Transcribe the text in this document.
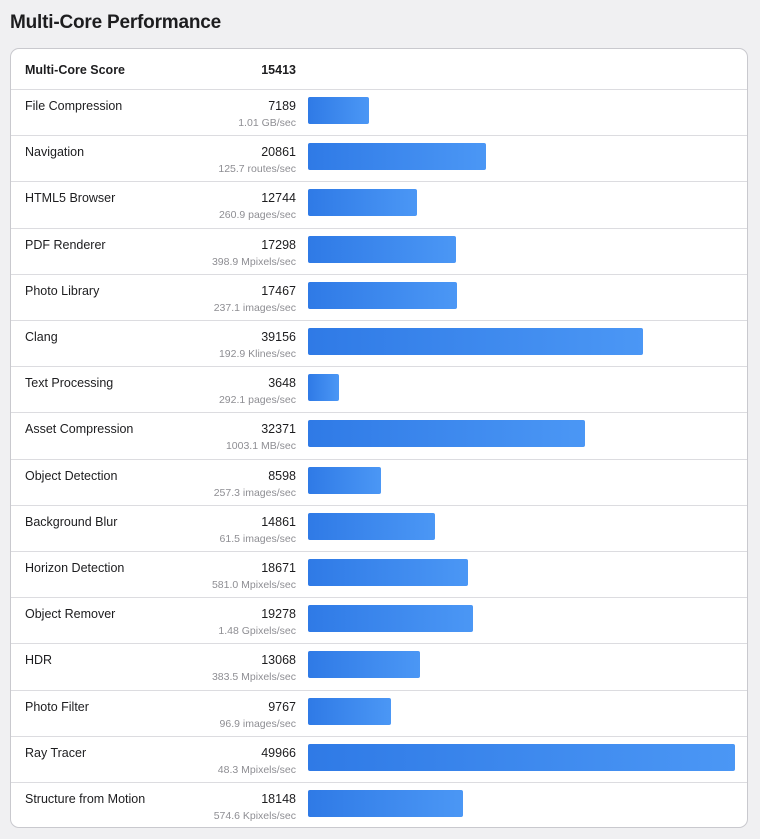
Multi-Core Performance
Multi-Core Score	15413
File Compression	7189
1.01 GB/sec
Navigation	20861
125.7 routes/sec
HTML5 Browser	12744
260.9 pages/sec
PDF Renderer	17298
398.9 Mpixels/sec
Photo Library	17467
237.1 images/sec
Clang	39156
192.9 Klines/sec
Text Processing	3648
292.1 pages/sec
Asset Compression	32371
1003.1 MB/sec
Object Detection	8598
257.3 images/sec
Background Blur	14861
61.5 images/sec
Horizon Detection	18671
581.0 Mpixels/sec
Object Remover	19278
1.48 Gpixels/sec
HDR	13068
383.5 Mpixels/sec
Photo Filter	9767
96.9 images/sec
Ray Tracer	49966
48.3 Mpixels/sec
Structure from Motion	18148
574.6 Kpixels/sec
